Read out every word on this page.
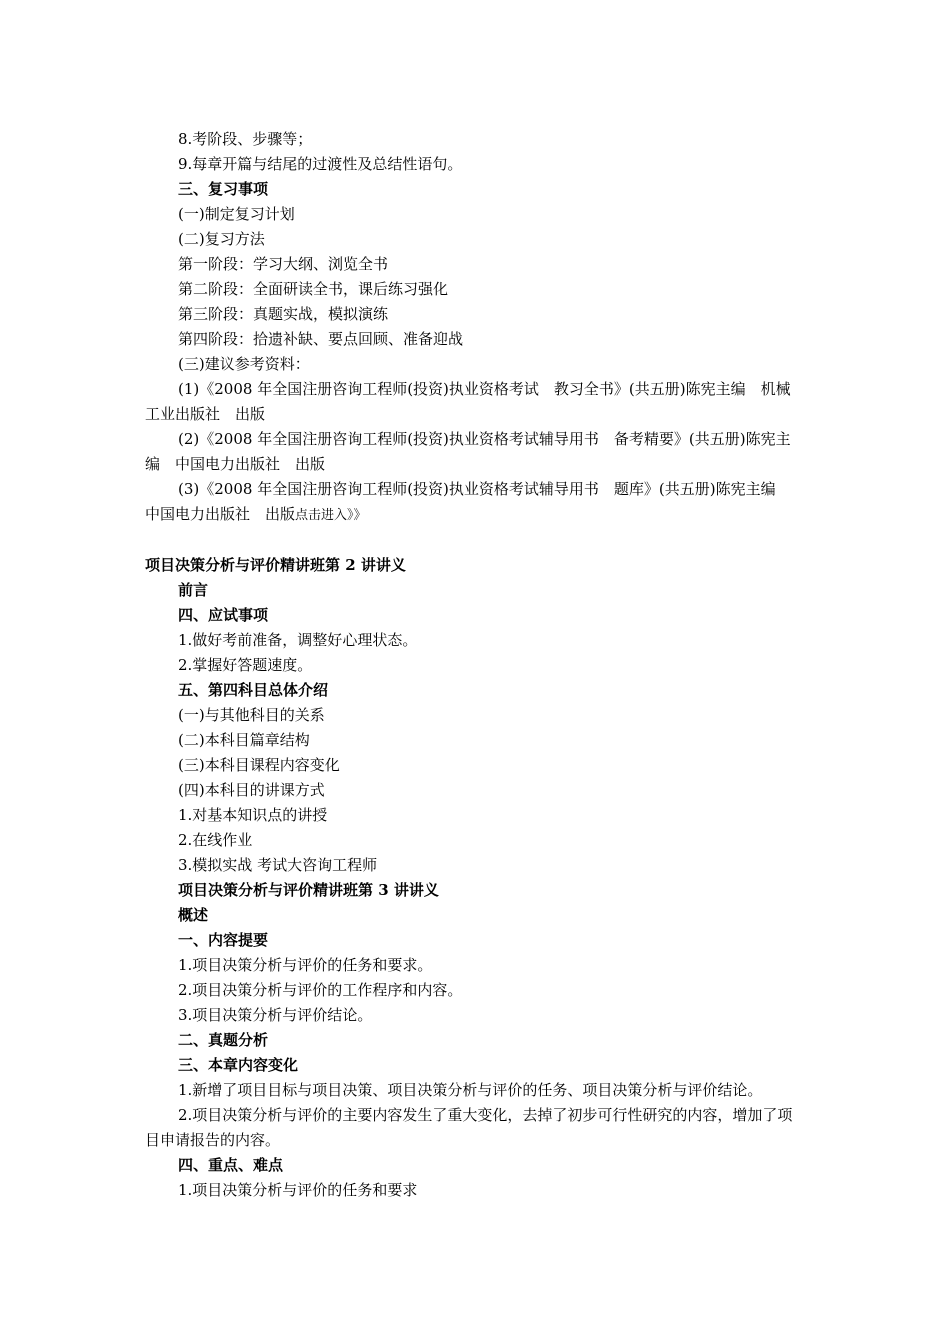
8.考阶段、步骤等；
9.每章开篇与结尾的过渡性及总结性语句。
三、复习事项
(一)制定复习计划
(二)复习方法
第一阶段：学习大纲、浏览全书
第二阶段：全面研读全书，课后练习强化
第三阶段：真题实战，模拟演练
第四阶段：拾遗补缺、要点回顾、准备迎战
(三)建议参考资料：
(1)《2008 年全国注册咨询工程师(投资)执业资格考试　教习全书》(共五册)陈宪主编　机械工业出版社　出版
(2)《2008 年全国注册咨询工程师(投资)执业资格考试辅导用书　备考精要》(共五册)陈宪主编　中国电力出版社　出版
(3)《2008 年全国注册咨询工程师(投资)执业资格考试辅导用书　题库》(共五册)陈宪主编　中国电力出版社　出版点击进入》》
项目决策分析与评价精讲班第 2 讲讲义
前言
四、应试事项
1.做好考前准备，调整好心理状态。
2.掌握好答题速度。
五、第四科目总体介绍
(一)与其他科目的关系
(二)本科目篇章结构
(三)本科目课程内容变化
(四)本科目的讲课方式
1.对基本知识点的讲授
2.在线作业
3.模拟实战 考试大咨询工程师
项目决策分析与评价精讲班第 3 讲讲义
概述
一、内容提要
1.项目决策分析与评价的任务和要求。
2.项目决策分析与评价的工作程序和内容。
3.项目决策分析与评价结论。
二、真题分析
三、本章内容变化
1.新增了项目目标与项目决策、项目决策分析与评价的任务、项目决策分析与评价结论。
2.项目决策分析与评价的主要内容发生了重大变化，去掉了初步可行性研究的内容，增加了项目申请报告的内容。
四、重点、难点
1.项目决策分析与评价的任务和要求
